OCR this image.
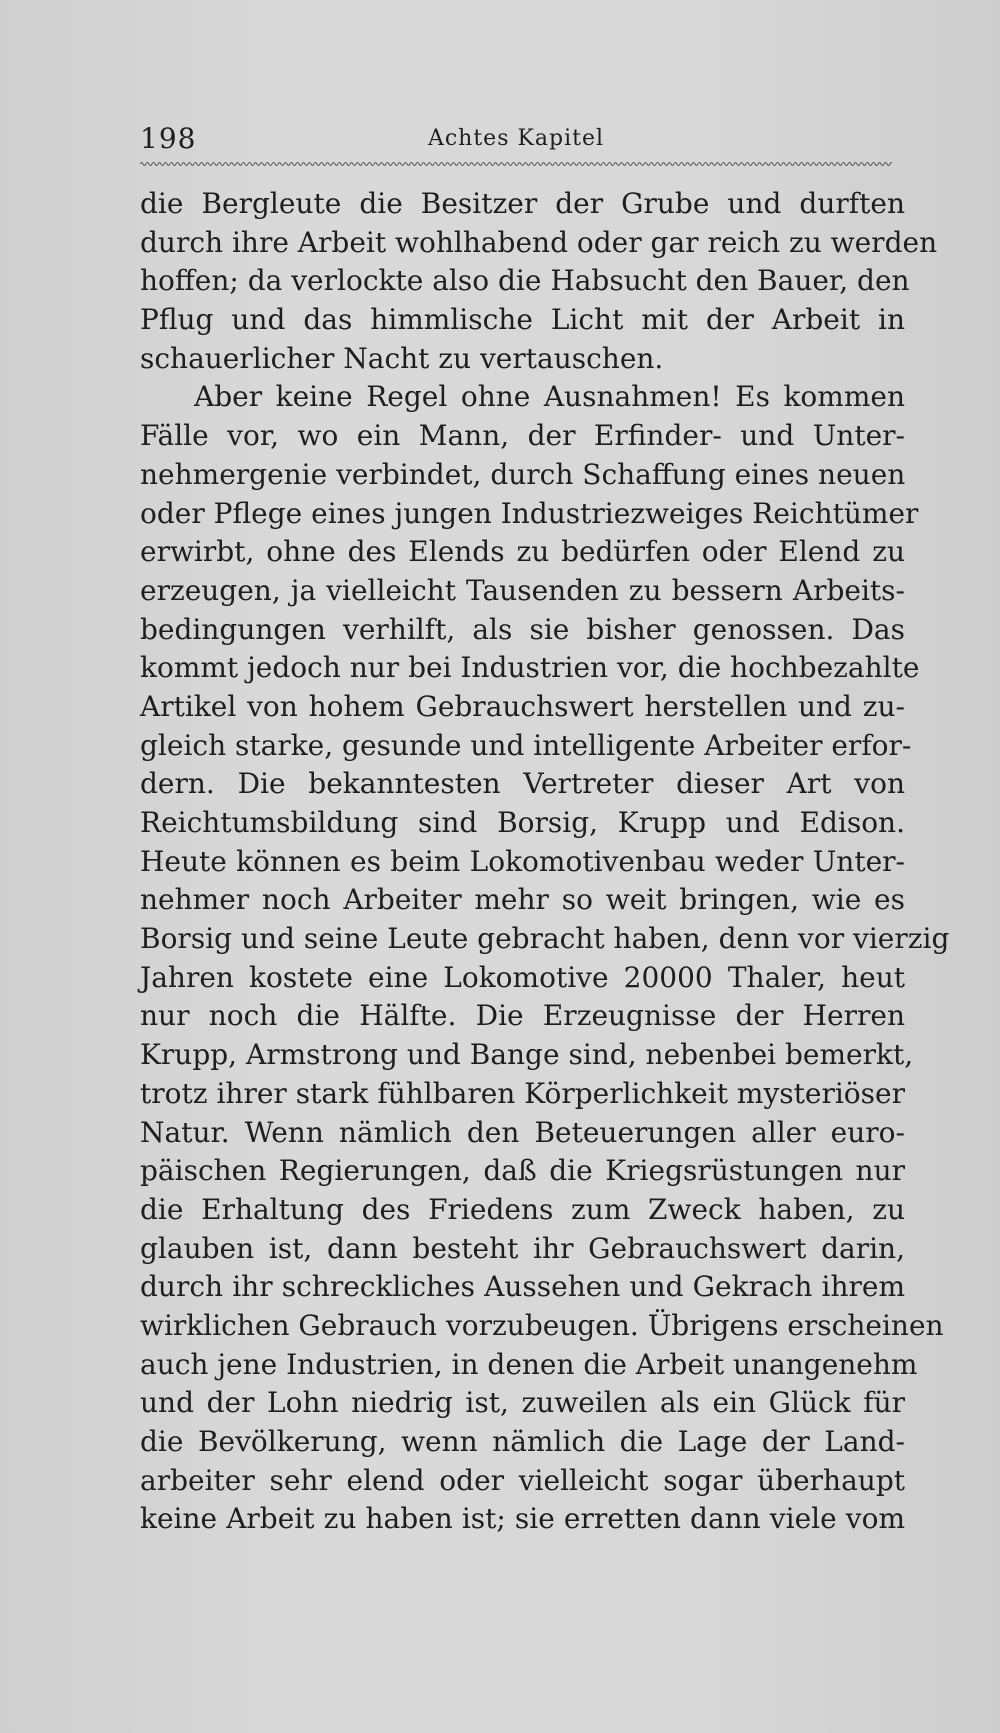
198	Achtes Kapitel
die Bergleute die Besitzer der Grube und durften
durch ihre Arbeit wohlhabend oder gar reich zu werden
hoffen; da verlockte also die Habsucht den Bauer, den
Pflug und das himmlische Licht mit der Arbeit in
schauerlicher Nacht zu vertauschen.
Aber keine Regel ohne Ausnahmen! Es kommen
Fälle vor, wo ein Mann, der Erfinder- und Unter-
nehmergenie verbindet, durch Schaffung eines neuen
oder Pflege eines jungen Industriezweiges Reichtümer
erwirbt, ohne des Elends zu bedürfen oder Elend zu
erzeugen, ja vielleicht Tausenden zu bessern Arbeits-
bedingungen verhilft, als sie bisher genossen. Das
kommt jedoch nur bei Industrien vor, die hochbezahlte
Artikel von hohem Gebrauchswert herstellen und zu-
gleich starke, gesunde und intelligente Arbeiter erfor-
dern. Die bekanntesten Vertreter dieser Art von
Reichtumsbildung sind Borsig, Krupp und Edison.
Heute können es beim Lokomotivenbau weder Unter-
nehmer noch Arbeiter mehr so weit bringen, wie es
Borsig und seine Leute gebracht haben, denn vor vierzig
Jahren kostete eine Lokomotive 20000 Thaler, heut
nur noch die Hälfte. Die Erzeugnisse der Herren
Krupp, Armstrong und Bange sind, nebenbei bemerkt,
trotz ihrer stark fühlbaren Körperlichkeit mysteriöser
Natur. Wenn nämlich den Beteuerungen aller euro-
päischen Regierungen, daß die Kriegsrüstungen nur
die Erhaltung des Friedens zum Zweck haben, zu
glauben ist, dann besteht ihr Gebrauchswert darin,
durch ihr schreckliches Aussehen und Gekrach ihrem
wirklichen Gebrauch vorzubeugen. Übrigens erscheinen
auch jene Industrien, in denen die Arbeit unangenehm
und der Lohn niedrig ist, zuweilen als ein Glück für
die Bevölkerung, wenn nämlich die Lage der Land-
arbeiter sehr elend oder vielleicht sogar überhaupt
keine Arbeit zu haben ist; sie erretten dann viele vom
